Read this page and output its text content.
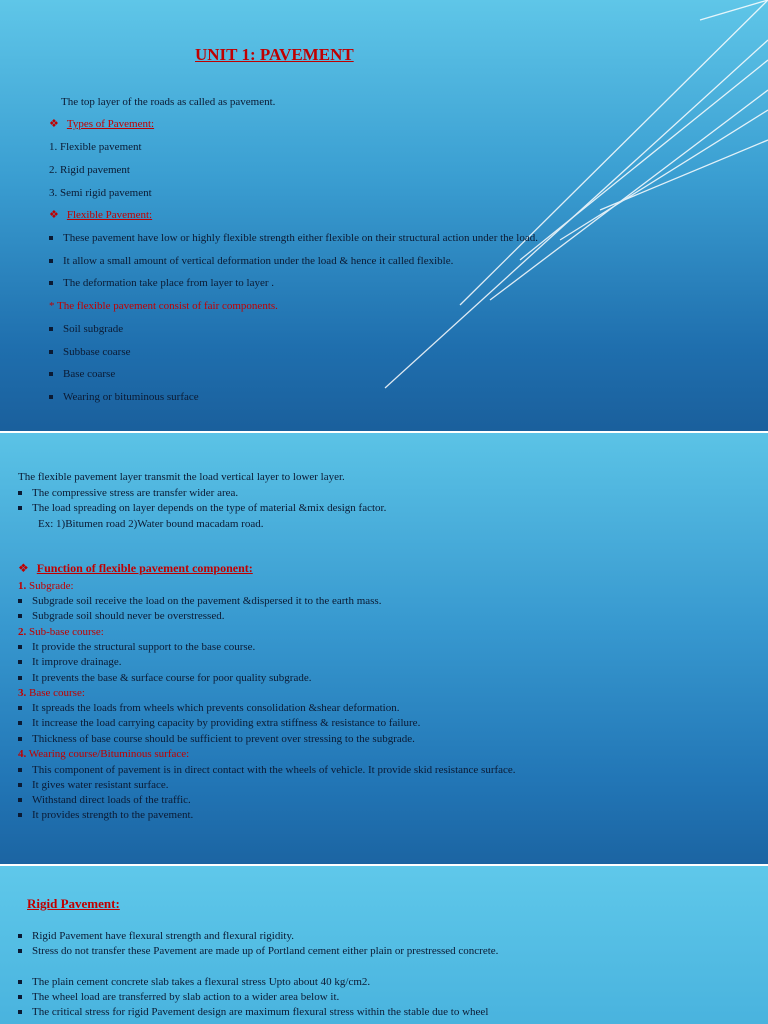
UNIT 1: PAVEMENT
The top layer of the roads as called as pavement.
❖ Types of Pavement:
1. Flexible pavement
2. Rigid pavement
3. Semi rigid pavement
❖ Flexible Pavement:
These pavement have low or highly flexible strength either flexible on their structural action under the load.
It allow a small amount of vertical deformation under the load & hence it called flexible.
The deformation take place from layer to layer .
* The flexible pavement consist of fair components.
Soil subgrade
Subbase coarse
Base coarse
Wearing or bituminous surface
The flexible pavement layer transmit the load vertical layer to lower layer.
The compressive stress are transfer wider area.
The load spreading on layer depends on the type of material &mix design factor.
Ex: 1)Bitumen road 2)Water bound macadam road.
❖ Function of flexible pavement component:
1. Subgrade:
Subgrade soil receive the load on the pavement &dispersed it to the earth mass.
Subgrade soil should never be overstressed.
2. Sub-base course:
It provide the structural support to the base course.
It improve drainage.
It prevents the base & surface course for poor quality subgrade.
3. Base course:
It spreads the loads from wheels which prevents consolidation &shear deformation.
It increase the load carrying capacity by providing extra stiffness & resistance to failure.
Thickness of base course should be sufficient to prevent over stressing to the subgrade.
4. Wearing course/Bituminous surface:
This component of pavement is in direct contact with the wheels of vehicle. It provide skid resistance surface.
It gives water resistant surface.
Withstand direct loads of the traffic.
It provides strength to the pavement.
Rigid Pavement:
Rigid Pavement have flexural strength and flexural rigidity.
Stress do not transfer these Pavement are made up of Portland cement either plain or prestressed concrete.
The plain cement concrete slab takes a flexural stress Upto about 40 kg/cm2.
The wheel load are transferred by slab action to a wider area below it.
The critical stress for rigid Pavement design are maximum flexural stress within the stable due to wheel
